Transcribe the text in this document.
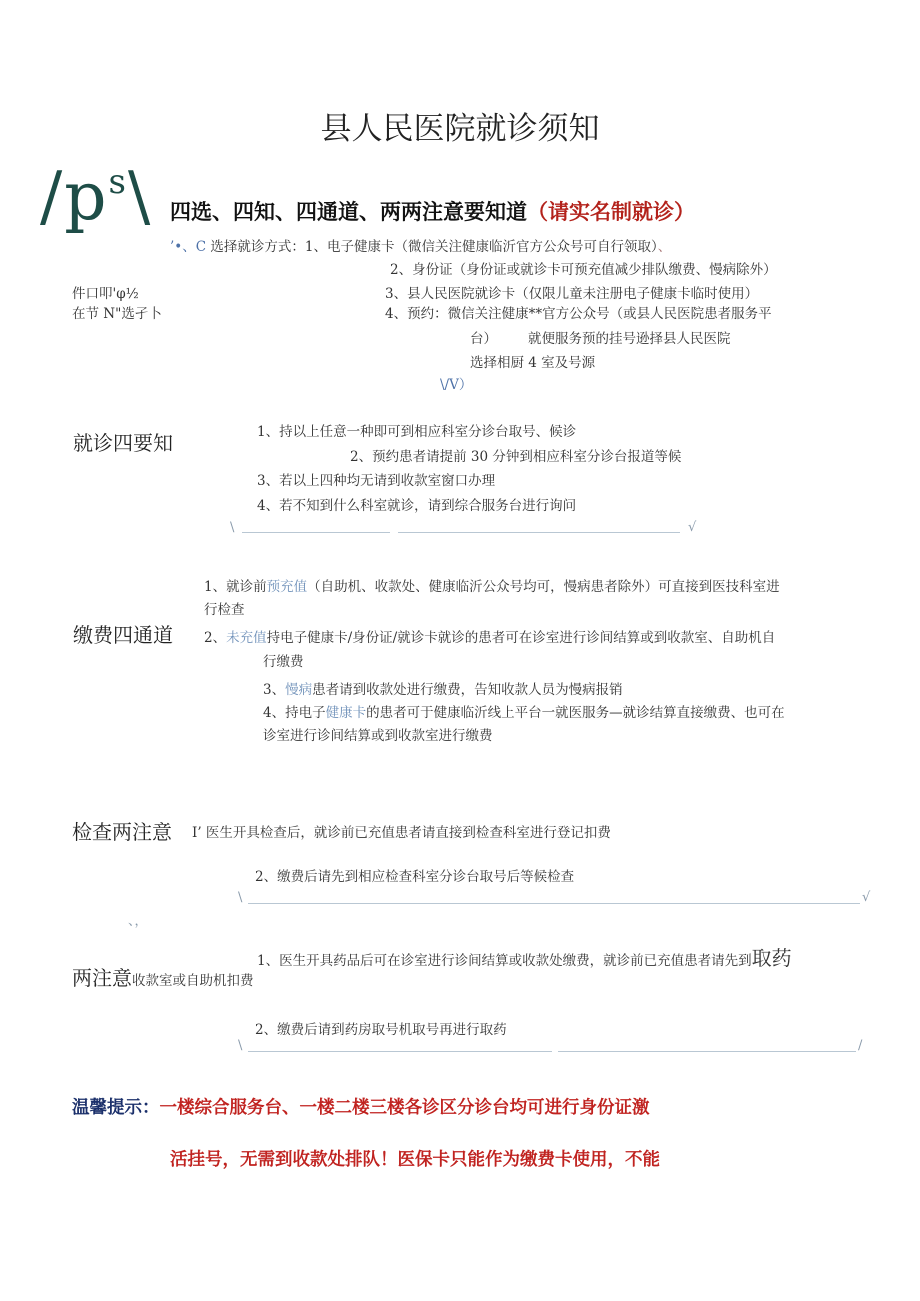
县人民医院就诊须知
$/p^s\backslash$ 四选、四知、四通道、两两注意要知道（请实名制就诊）
’•、C 选择就诊方式：1、电子健康卡（微信关注健康临沂官方公众号可自行领取）、
2、身份证（身份证或就诊卡可预充值减少排队缴费、慢病除外）
件口叩'φ½	3、县人民医院就诊卡（仅限儿童未注册电子健康卡临时使用）
在节 N"选孑卜	4、预约：微信关注健康**官方公众号（或县人民医院患者服务平
台） 就便服务预的挂号逊择县人民医院
选择相厨 4 室及号源
\/V）
就诊四要知	1、持以上任意一种即可到相应科室分诊台取号、候诊
2、预约患者请提前 30 分钟到相应科室分诊台报道等候
3、若以上四种均无请到收款室窗口办理
4、若不知到什么科室就诊，请到综合服务台进行询问
\	√
缴费四通道
1、就诊前预充值（自助机、收款处、健康临沂公众号均可，慢病患者除外）可直接到医技科室进
行检查
2、未充值持电子健康卡/身份证/就诊卡就诊的患者可在诊室进行诊间结算或到收款室、自助机自
行缴费
3、慢病患者请到收款处进行缴费，告知收款人员为慢病报销
4、持电子健康卡的患者可于健康临沂线上平台一就医服务—就诊结算直接缴费、也可在
诊室进行诊间结算或到收款室进行缴费
检查两注意 I’ 医生开具检查后，就诊前已充值患者请直接到检查科室进行登记扣费
2、缴费后请先到相应检查科室分诊台取号后等候检查
\	√
、，
1、医生开具药品后可在诊室进行诊间结算或收款处缴费，就诊前已充值患者请先到取药
两注意收款室或自助机扣费
2、缴费后请到药房取号机取号再进行取药
\	/
温馨提示：一楼综合服务台、一楼二楼三楼各诊区分诊台均可进行身份证激
活挂号，无需到收款处排队！医保卡只能作为缴费卡使用，不能
